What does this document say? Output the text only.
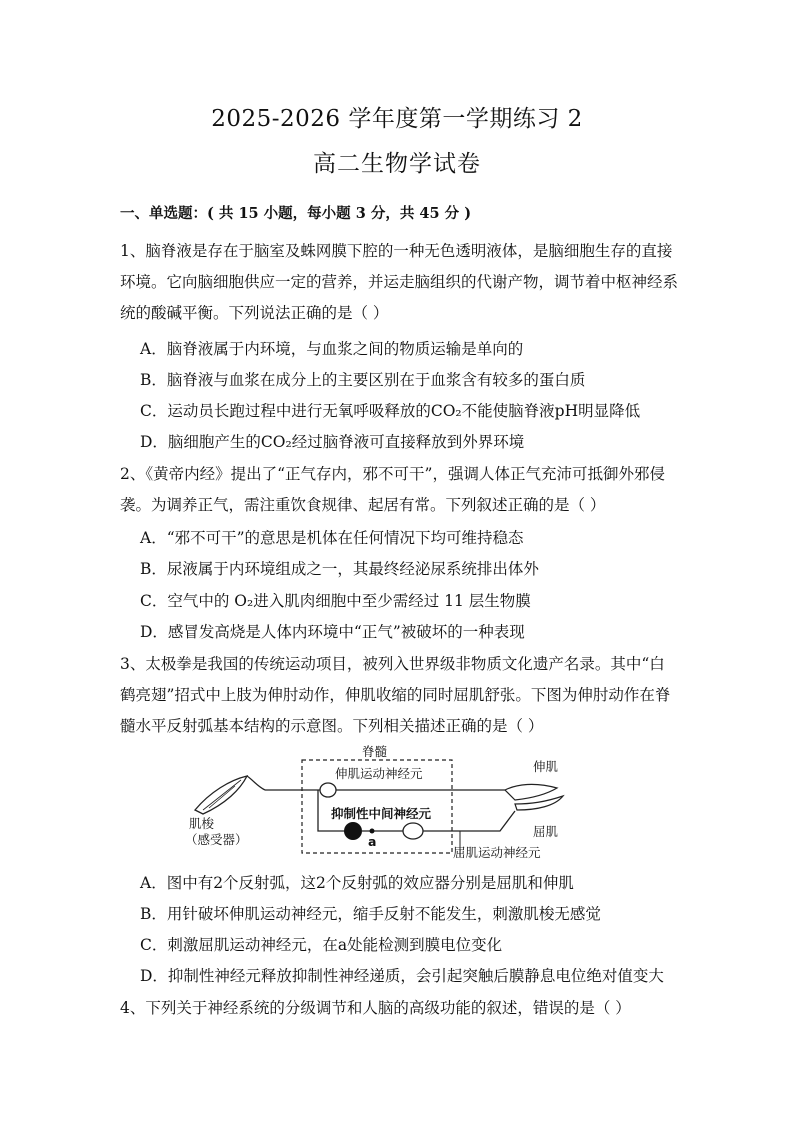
2025-2026 学年度第一学期练习 2
高二生物学试卷
一、单选题：( 共 15 小题，每小题 3 分，共 45 分 )
1、脑脊液是存在于脑室及蛛网膜下腔的一种无色透明液体，是脑细胞生存的直接环境。它向脑细胞供应一定的营养，并运走脑组织的代谢产物，调节着中枢神经系统的酸碱平衡。下列说法正确的是（ ）
A．脑脊液属于内环境，与血浆之间的物质运输是单向的
B．脑脊液与血浆在成分上的主要区别在于血浆含有较多的蛋白质
C．运动员长跑过程中进行无氧呼吸释放的CO₂不能使脑脊液pH明显降低
D．脑细胞产生的CO₂经过脑脊液可直接释放到外界环境
2、《黄帝内经》提出了“正气存内，邪不可干”，强调人体正气充沛可抵御外邪侵袭。为调养正气，需注重饮食规律、起居有常。下列叙述正确的是（ ）
A．“邪不可干”的意思是机体在任何情况下均可维持稳态
B．尿液属于内环境组成之一，其最终经泌尿系统排出体外
C．空气中的 O₂进入肌肉细胞中至少需经过 11 层生物膜
D．感冒发高烧是人体内环境中“正气”被破坏的一种表现
3、太极拳是我国的传统运动项目，被列入世界级非物质文化遗产名录。其中“白鹤亮翅”招式中上肢为伸肘动作，伸肌收缩的同时屈肌舒张。下图为伸肘动作在脊髓水平反射弧基本结构的示意图。下列相关描述正确的是（ ）
脊髓
肌梭
（感受器）
伸肌运动神经元
a
抑制性中间神经元
屈肌运动神经元
伸肌
屈肌
A．图中有2个反射弧，这2个反射弧的效应器分别是屈肌和伸肌
B．用针破坏伸肌运动神经元，缩手反射不能发生，刺激肌梭无感觉
C．刺激屈肌运动神经元，在a处能检测到膜电位变化
D．抑制性神经元释放抑制性神经递质，会引起突触后膜静息电位绝对值变大
4、下列关于神经系统的分级调节和人脑的高级功能的叙述，错误的是（ ）
